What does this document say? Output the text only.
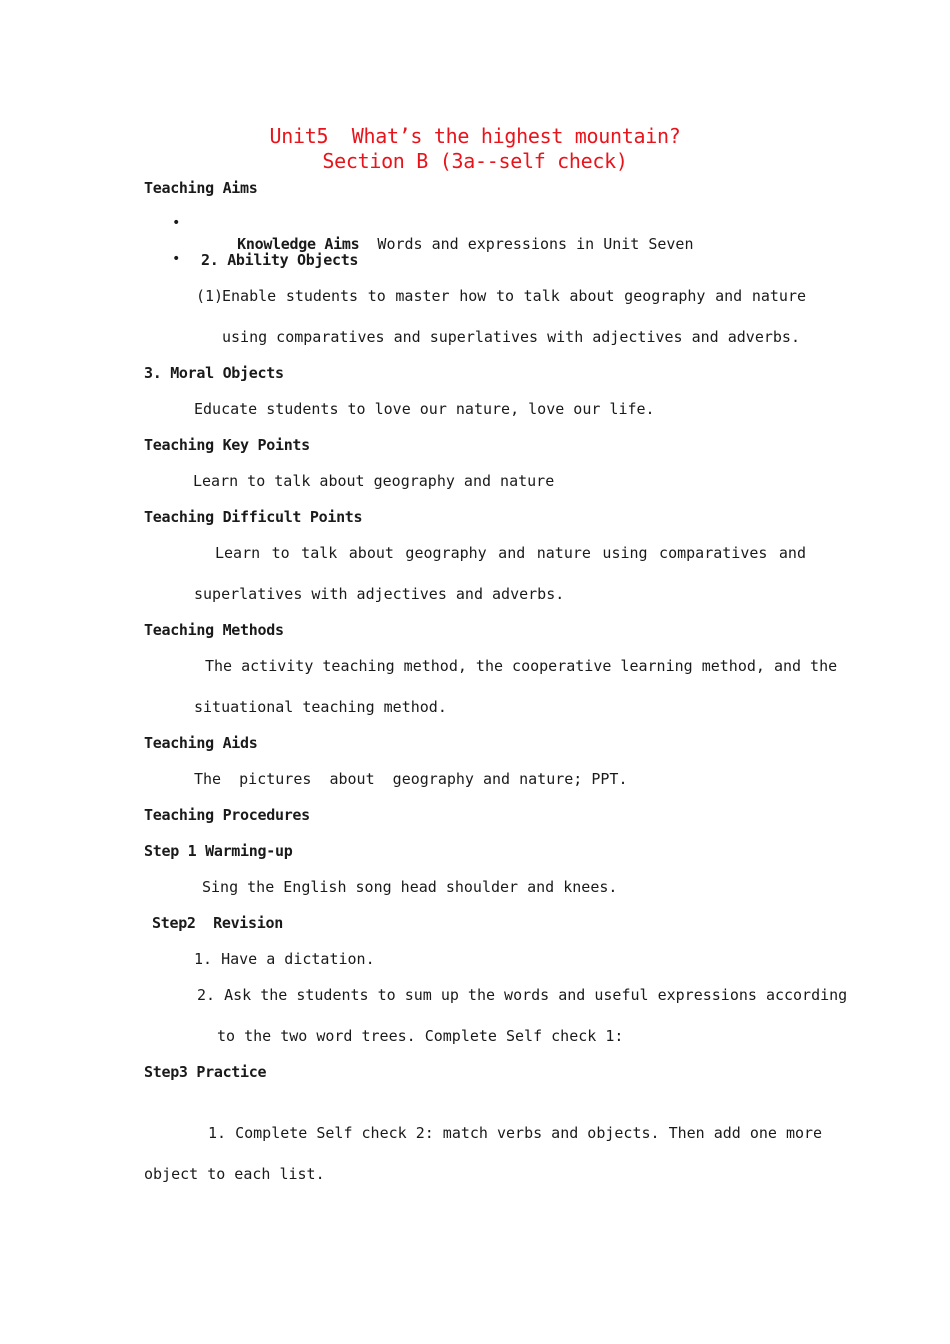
Unit5  What’s the highest mountain?
Section B (3a--self check)
Teaching Aims
•

Knowledge Aims Words and expressions in Unit Seven

• 2. Ability Objects
(1)
Enable students to master how to talk about geography and nature
using comparatives and superlatives with adjectives and adverbs.
3. Moral Objects
Educate students to love our nature, love our life.
Teaching Key Points
Learn to talk about geography and nature
Teaching Difficult Points
Learn to talk about geography and nature using comparatives and
superlatives with adjectives and adverbs.
Teaching Methods
The activity teaching method, the cooperative learning method, and the
situational teaching method.
Teaching Aids
The  pictures  about  geography and nature; PPT.
Teaching Procedures
Step 1 Warming-up
Sing the English song head shoulder and knees.
Step2  Revision
1. Have a dictation.
2. Ask the students to sum up the words and useful expressions according
to the two word trees. Complete Self check 1:
Step3 Practice
1. Complete Self check 2: match verbs and objects. Then add one more
object to each list.
